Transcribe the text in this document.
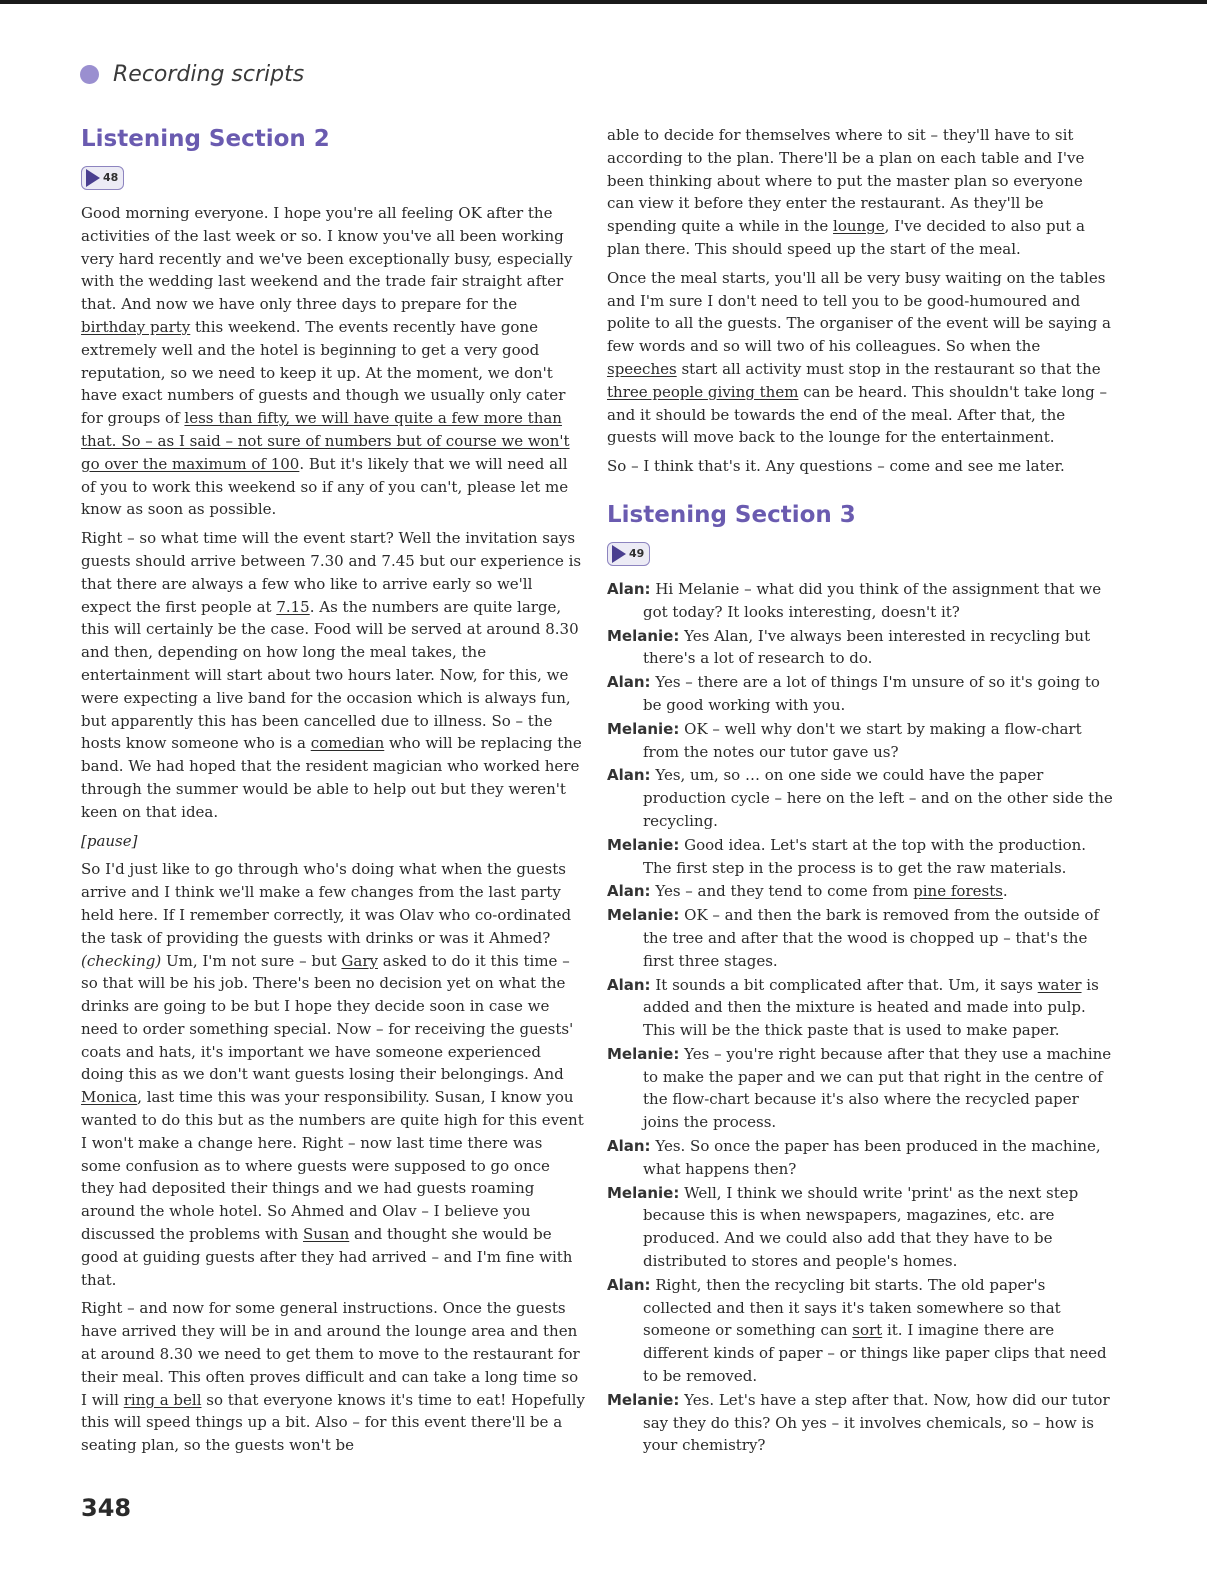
Recording scripts
Listening Section 2
48

Good morning everyone. I hope you're all feeling OK after the activities of the last week or so. I know you've all been working very hard recently and we've been exceptionally busy, especially with the wedding last weekend and the trade fair straight after that. And now we have only three days to prepare for the birthday party this weekend. The events recently have gone extremely well and the hotel is beginning to get a very good reputation, so we need to keep it up. At the moment, we don't have exact numbers of guests and though we usually only cater for groups of less than fifty, we will have quite a few more than that. So – as I said – not sure of numbers but of course we won't go over the maximum of 100. But it's likely that we will need all of you to work this weekend so if any of you can't, please let me know as soon as possible.

Right – so what time will the event start? Well the invitation says guests should arrive between 7.30 and 7.45 but our experience is that there are always a few who like to arrive early so we'll expect the first people at 7.15. As the numbers are quite large, this will certainly be the case. Food will be served at around 8.30 and then, depending on how long the meal takes, the entertainment will start about two hours later. Now, for this, we were expecting a live band for the occasion which is always fun, but apparently this has been cancelled due to illness. So – the hosts know someone who is a comedian who will be replacing the band. We had hoped that the resident magician who worked here through the summer would be able to help out but they weren't keen on that idea.

[pause]

So I'd just like to go through who's doing what when the guests arrive and I think we'll make a few changes from the last party held here. If I remember correctly, it was Olav who co-ordinated the task of providing the guests with drinks or was it Ahmed? (checking) Um, I'm not sure – but Gary asked to do it this time – so that will be his job. There's been no decision yet on what the drinks are going to be but I hope they decide soon in case we need to order something special. Now – for receiving the guests' coats and hats, it's important we have someone experienced doing this as we don't want guests losing their belongings. And Monica, last time this was your responsibility. Susan, I know you wanted to do this but as the numbers are quite high for this event I won't make a change here. Right – now last time there was some confusion as to where guests were supposed to go once they had deposited their things and we had guests roaming around the whole hotel. So Ahmed and Olav – I believe you discussed the problems with Susan and thought she would be good at guiding guests after they had arrived – and I'm fine with that.

Right – and now for some general instructions. Once the guests have arrived they will be in and around the lounge area and then at around 8.30 we need to get them to move to the restaurant for their meal. This often proves difficult and can take a long time so I will ring a bell so that everyone knows it's time to eat! Hopefully this will speed things up a bit. Also – for this event there'll be a seating plan, so the guests won't be

able to decide for themselves where to sit – they'll have to sit according to the plan. There'll be a plan on each table and I've been thinking about where to put the master plan so everyone can view it before they enter the restaurant. As they'll be spending quite a while in the lounge, I've decided to also put a plan there. This should speed up the start of the meal.

Once the meal starts, you'll all be very busy waiting on the tables and I'm sure I don't need to tell you to be good-humoured and polite to all the guests. The organiser of the event will be saying a few words and so will two of his colleagues. So when the speeches start all activity must stop in the restaurant so that the three people giving them can be heard. This shouldn't take long – and it should be towards the end of the meal. After that, the guests will move back to the lounge for the entertainment.

So – I think that's it. Any questions – come and see me later.

Listening Section 3
49

Alan: Hi Melanie – what did you think of the assignment that we got today? It looks interesting, doesn't it?

Melanie: Yes Alan, I've always been interested in recycling but there's a lot of research to do.

Alan: Yes – there are a lot of things I'm unsure of so it's going to be good working with you.

Melanie: OK – well why don't we start by making a flow-chart from the notes our tutor gave us?

Alan: Yes, um, so … on one side we could have the paper production cycle – here on the left – and on the other side the recycling.

Melanie: Good idea. Let's start at the top with the production. The first step in the process is to get the raw materials.

Alan: Yes – and they tend to come from pine forests.

Melanie: OK – and then the bark is removed from the outside of the tree and after that the wood is chopped up – that's the first three stages.

Alan: It sounds a bit complicated after that. Um, it says water is added and then the mixture is heated and made into pulp. This will be the thick paste that is used to make paper.

Melanie: Yes – you're right because after that they use a machine to make the paper and we can put that right in the centre of the flow-chart because it's also where the recycled paper joins the process.

Alan: Yes. So once the paper has been produced in the machine, what happens then?

Melanie: Well, I think we should write 'print' as the next step because this is when newspapers, magazines, etc. are produced. And we could also add that they have to be distributed to stores and people's homes.

Alan: Right, then the recycling bit starts. The old paper's collected and then it says it's taken somewhere so that someone or something can sort it. I imagine there are different kinds of paper – or things like paper clips that need to be removed.

Melanie: Yes. Let's have a step after that. Now, how did our tutor say they do this? Oh yes – it involves chemicals, so – how is your chemistry?

348
